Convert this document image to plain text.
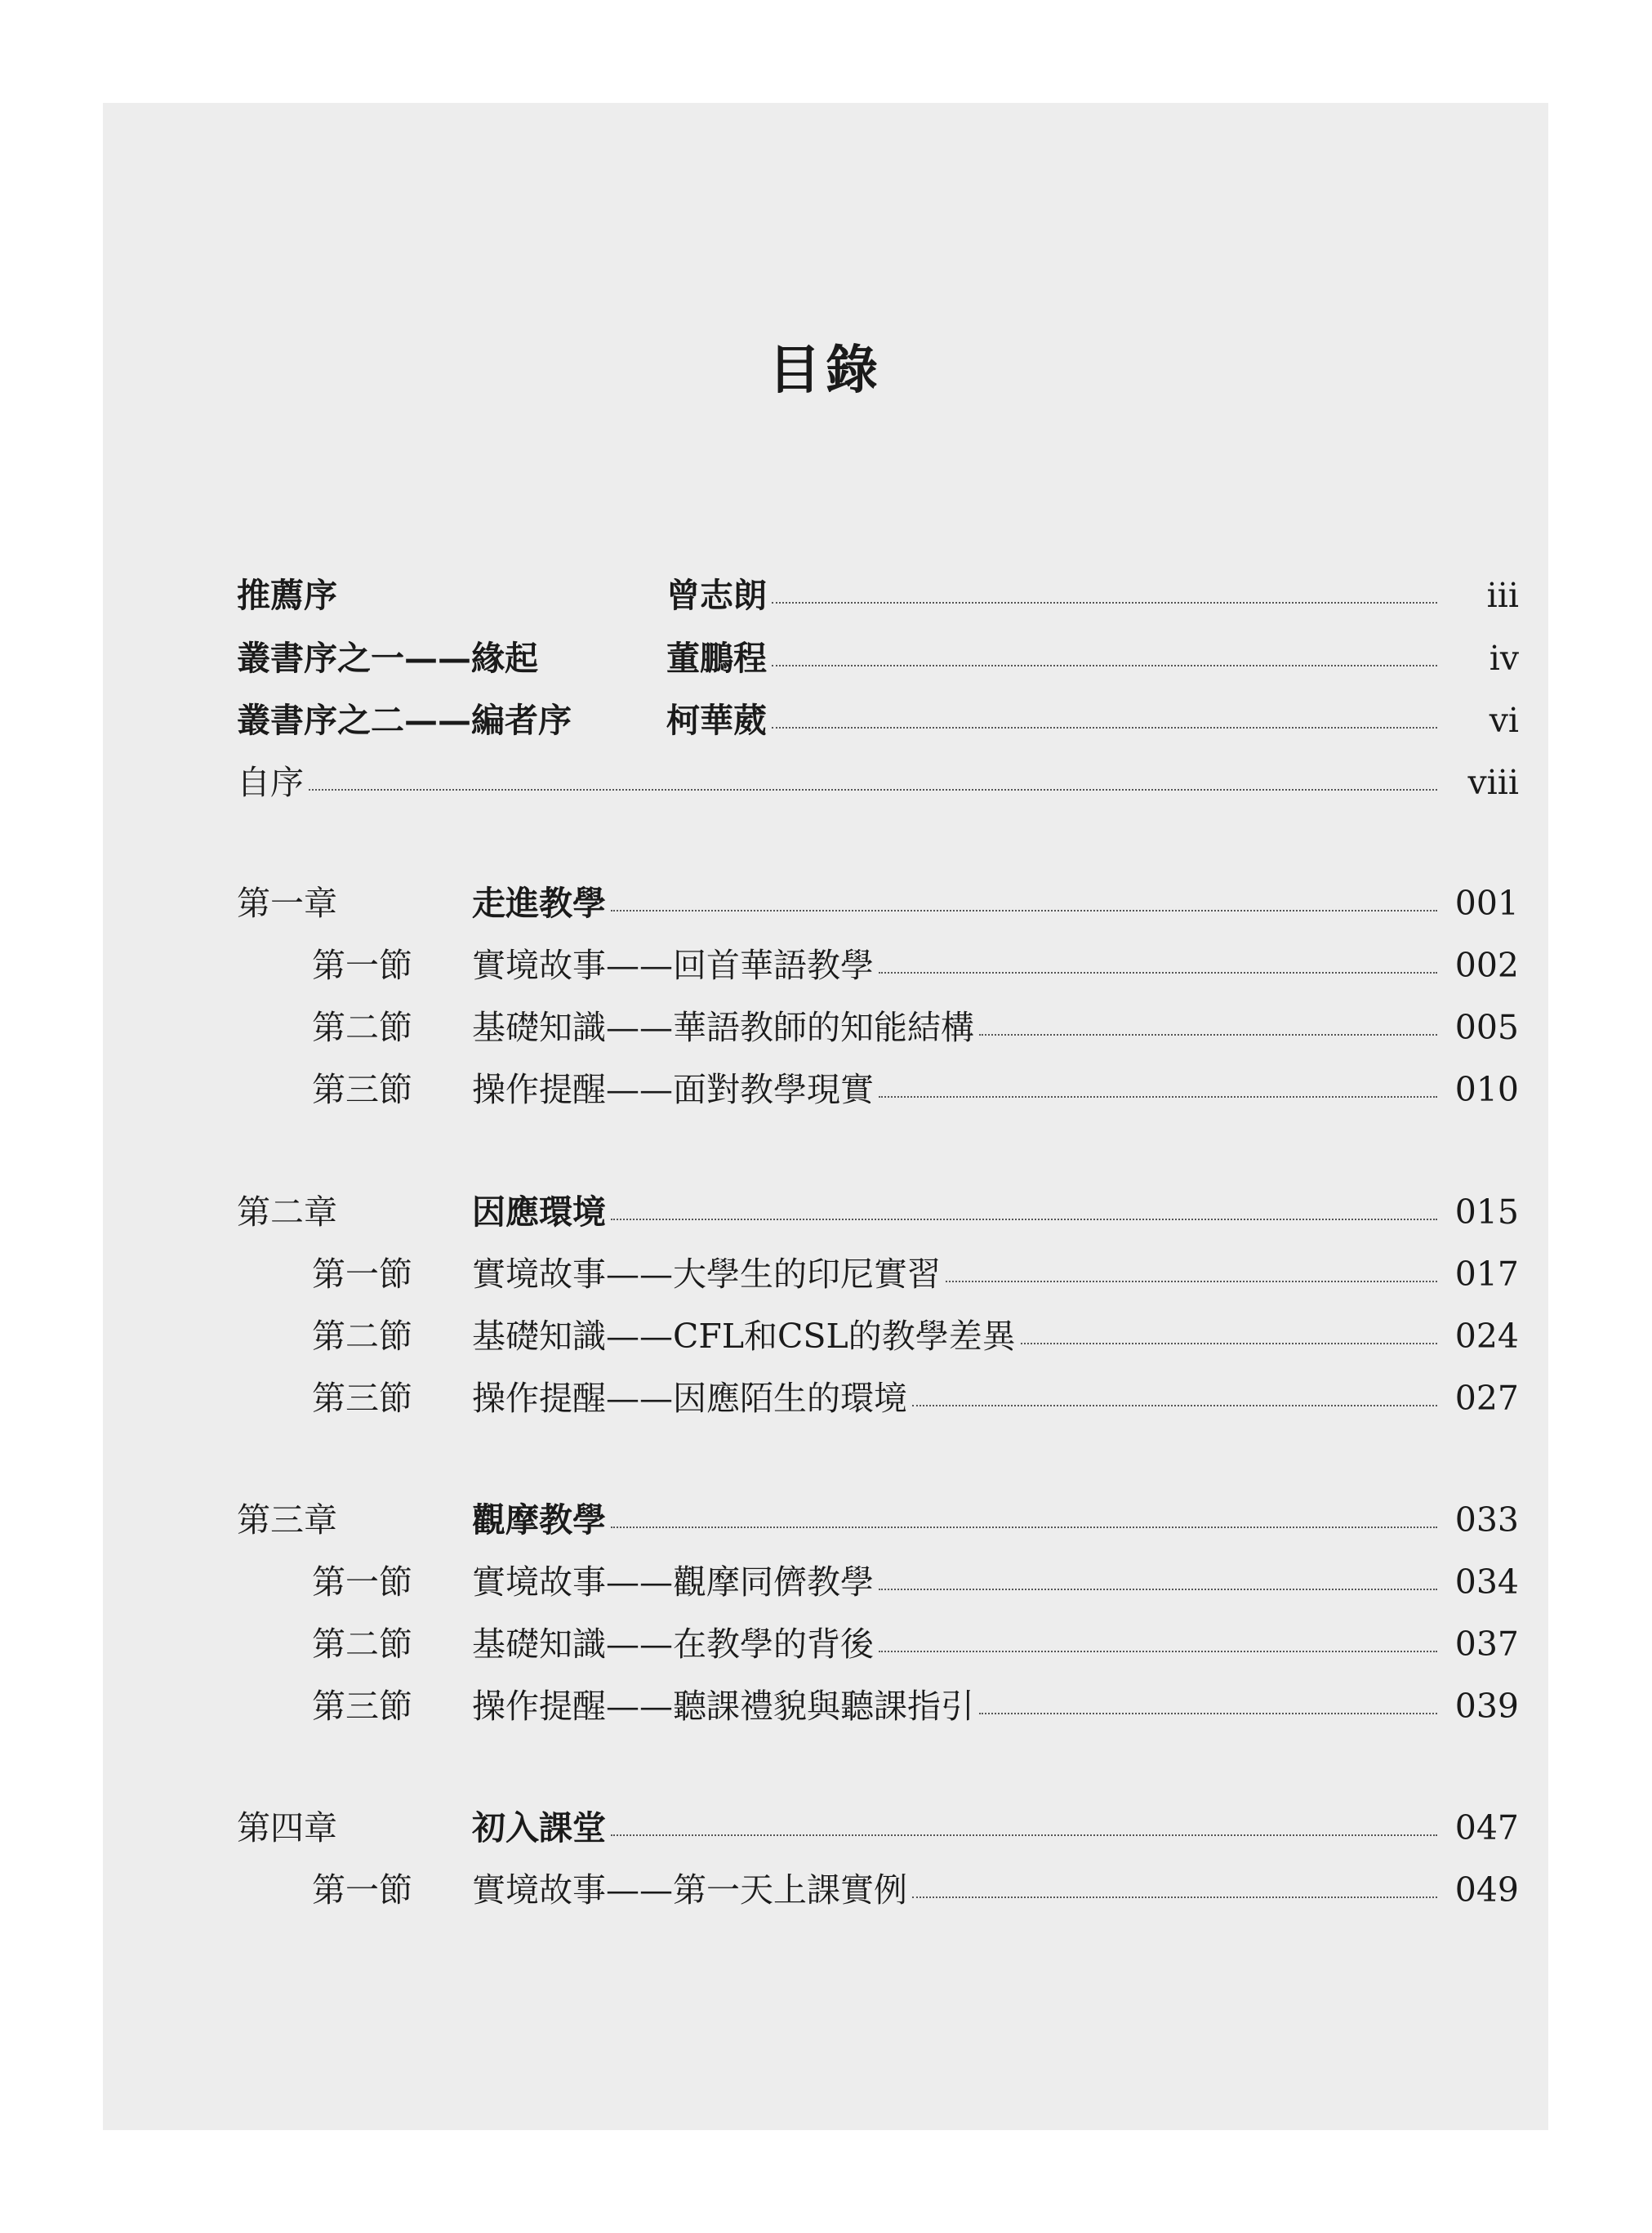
目錄
推薦序	曾志朗	iii
叢書序之一——緣起	董鵬程	iv
叢書序之二——編者序	柯華葳	vi
自序	viii
第一章	走進教學	001
第一節 實境故事——回首華語教學	002
第二節 基礎知識——華語教師的知能結構	005
第三節 操作提醒——面對教學現實	010
第二章	因應環境	015
第一節 實境故事——大學生的印尼實習	017
第二節 基礎知識——CFL和CSL的教學差異	024
第三節 操作提醒——因應陌生的環境	027
第三章	觀摩教學	033
第一節 實境故事——觀摩同儕教學	034
第二節 基礎知識——在教學的背後	037
第三節 操作提醒——聽課禮貌與聽課指引	039
第四章	初入課堂	047
第一節 實境故事——第一天上課實例	049
